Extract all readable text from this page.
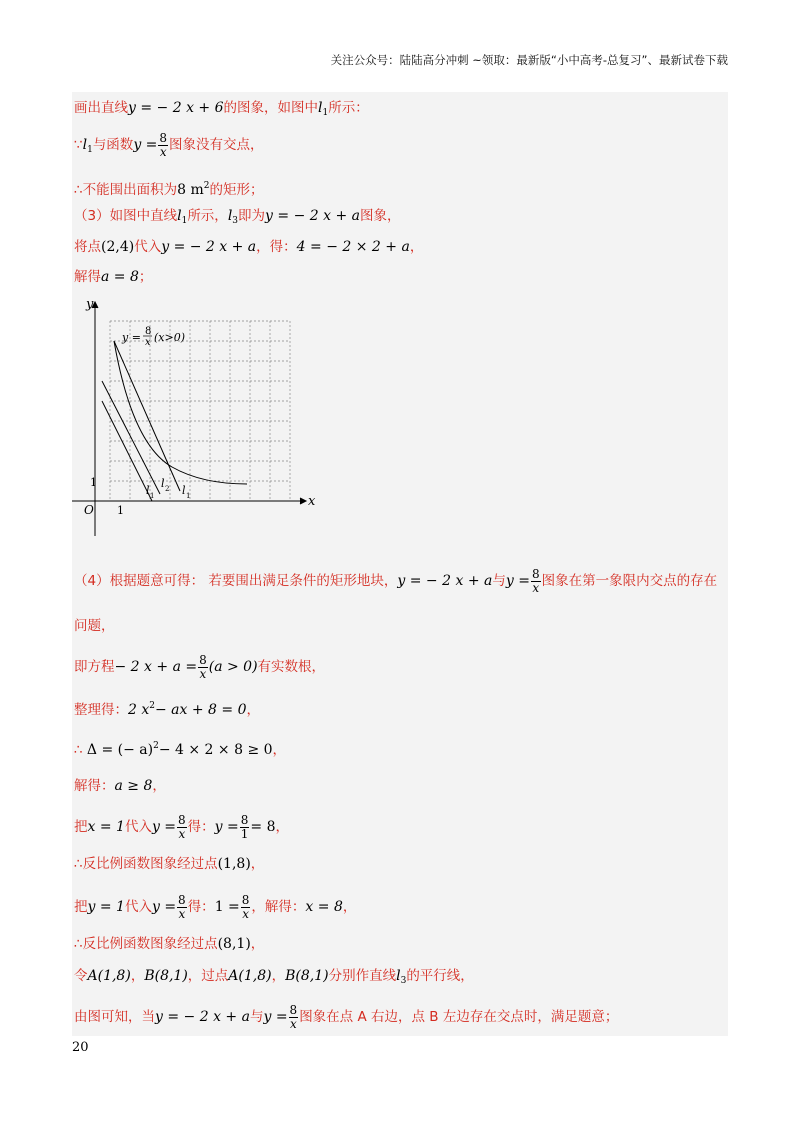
关注公众号：陆陆高分冲刺 ~领取：最新版“小中高考-总复习”、最新试卷下载
画出直线y = − 2 x + 6的图象，如图中$l_1$所示：
$\because l_1$与函数$y = \frac{8}{x}$ 图象没有交点，
∴不能围出面积为8 $m^2$的矩形；
（3）如图中直线$l_1$所示，$l_3$即为y = − 2 x + a图象，
将点(2,4)代入y = − 2 x + a，得：4 = − 2 × 2 + a，
解得a = 8；
y
x
O 1
1
y = 8
x (x>0)
l 1
l 2 l 1
（4）根据题意可得： 若要围出满足条件的矩形地块，y = − 2 x + a与$y = \frac{8}{x}$ 图象在第一象限内交点的存在
问题，
即方程− 2 $x + a = \frac{8}{x} (a > 0)$有实数根，
整理得：2 $x^2-$ ax + 8 = 0，
∴ Δ = (− a)$^2$− 4 × 2 × 8 ≥ 0，
解得：a ≥ 8，
把x = 1代入$y = \frac{8}{x}$ 得：$y = \frac{8}{1} = 8$，
∴反比例函数图象经过点(1,8)，
把y = 1代入$y = \frac{8}{x}$ 得：$1 = \frac{8}{x}$ ，解得：x = 8，
∴反比例函数图象经过点(8,1)，
令A(1,8)，B(8,1)，过点A(1,8)，B(8,1)分别作直线$l_3$的平行线，
由图可知，当y = − 2 x + a与$y = \frac{8}{x}$ 图象在点 A 右边，点 B 左边存在交点时，满足题意；
20
